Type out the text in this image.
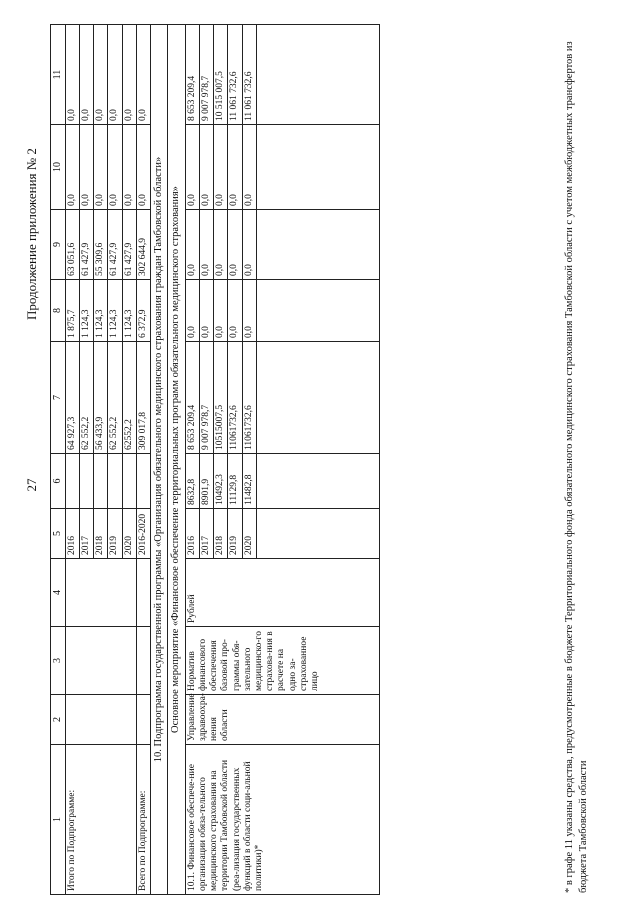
27
Продолжение приложения № 2
1	2	3	4	5	6	7	8	9	10	11
Итого по Подпрограмме:				2016		64 927,3	1 875,7	63 051,6	0,0	0,0
				2017		62 552,2	1 124,3	61 427,9	0,0	0,0
				2018		56 433,9	1 124,3	55 309,6	0,0	0,0
				2019		62 552,2	1 124,3	61 427,9	0,0	0,0
				2020		62552,2	1 124,3	61 427,9	0,0	0,0
Всего по Подпрограмме:				2016-2020		309 017,8	6 372,9	302 644,9	0,0	0,0
10. Подпрограмма государственной программы «Организация обязательного медицинского страхования граждан Тамбовской области»										
Основное мероприятие «Финансовое обеспечение территориальных программ обязательного медицинского страхования»										
10.1. Финансовое обеспече-ние организации обяза-тельного медицинского страхования на территории Тамбовской области (реа-лизация государственных функций в области соци-альной политики)*	Управление здравоохра-нения области	Норматив финансового обеспечения базовой про-граммы обя-зательного медицинско-го страхова-ния в расчете на одно за-страхованное лицо	Рублей	2016	8632,8	8 653 209,4	0,0	0,0	0,0	8 653 209,4
				2017	8901,9	9 007 978,7	0,0	0,0	0,0	9 007 978,7
				2018	10492,3	10515007,5	0,0	0,0	0,0	10 515 007,5
				2019	11129,8	11061732,6	0,0	0,0	0,0	11 061 732,6
				2020	11482,8	11061732,6	0,0	0,0	0,0	11 061 732,6
							* в графе 11 указаны средства, предусмотренные в бюджете Территориального фонда обязательного медицинского страхования Тамбовской области с учетом межбюджетных трансфертов из бюджета Тамбовской области
